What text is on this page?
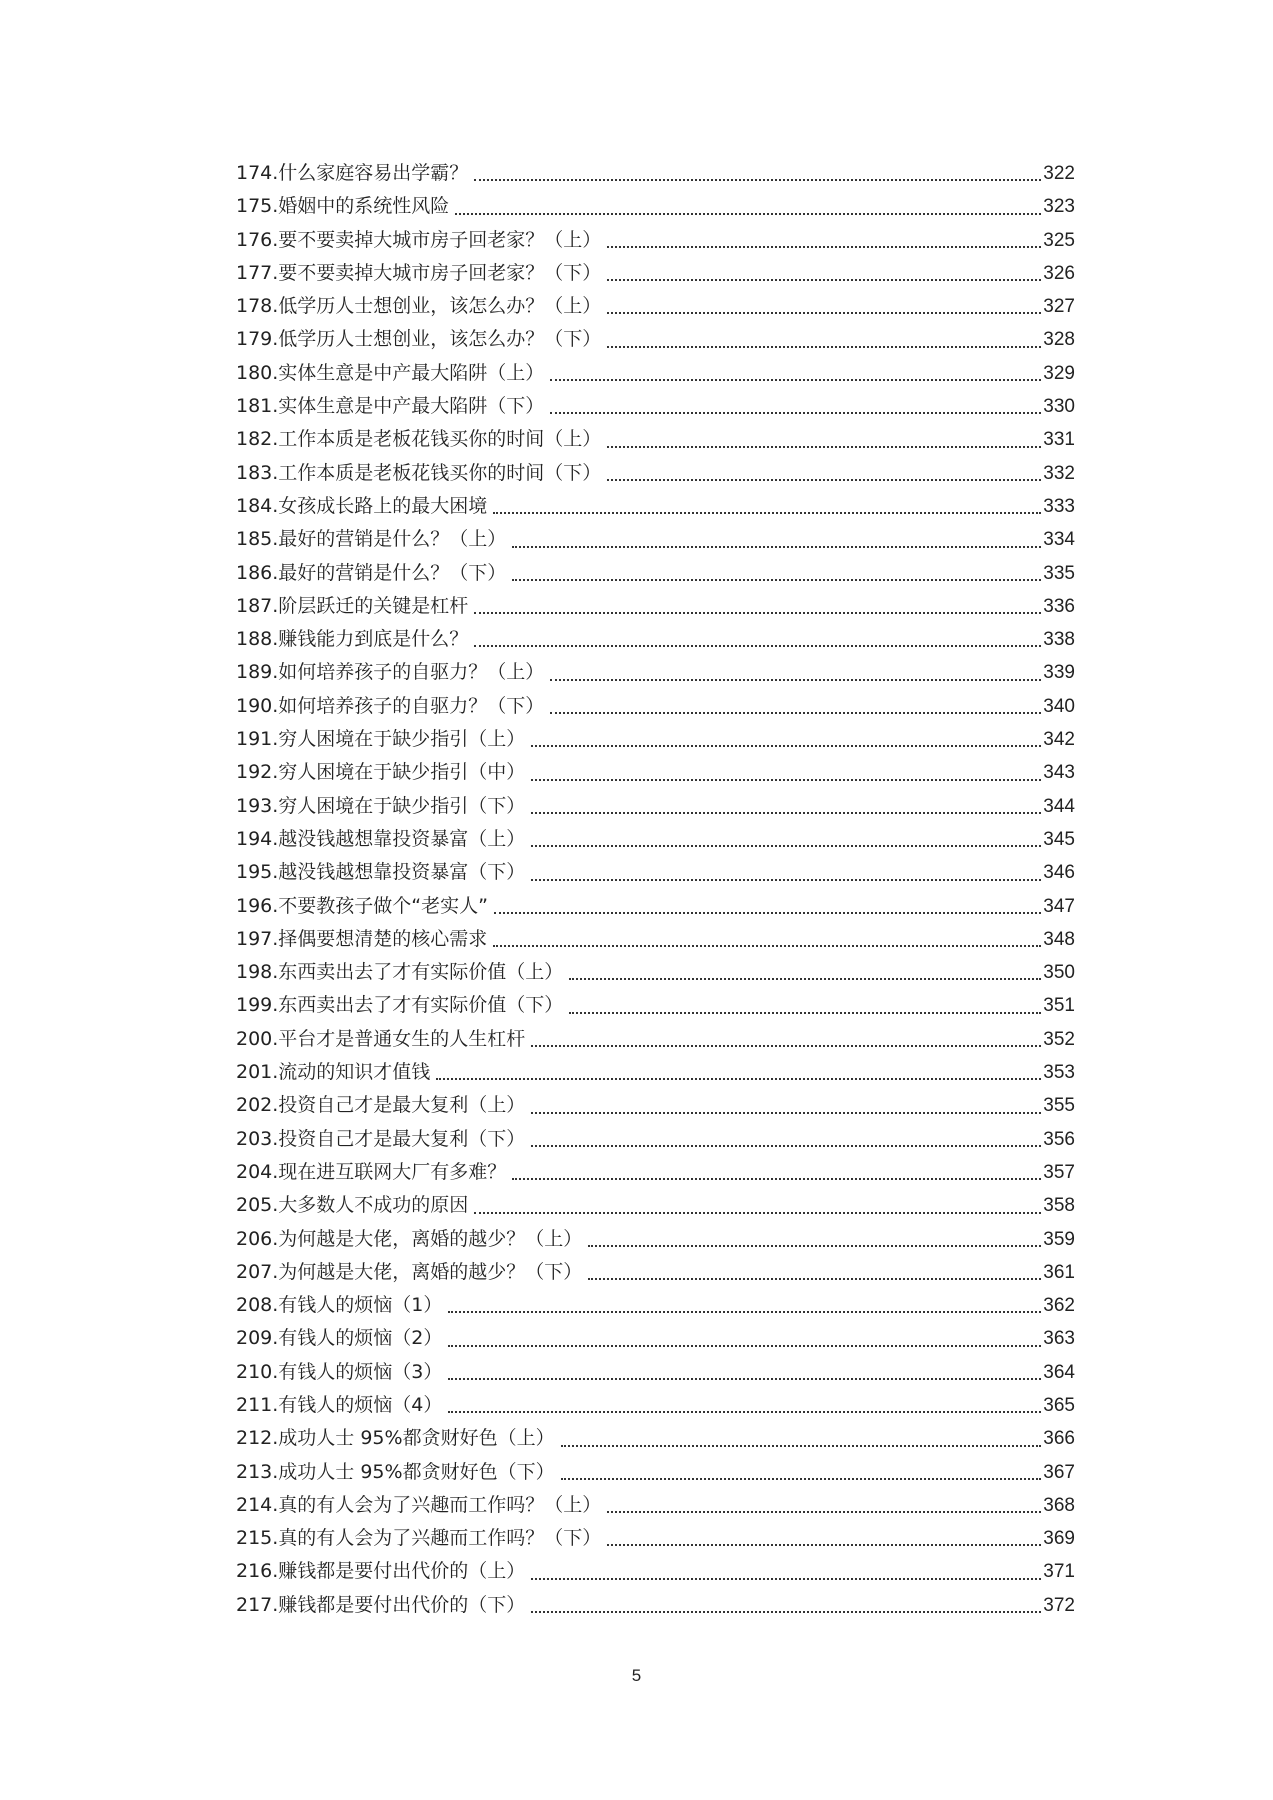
174.什么家庭容易出学霸？	322
175.婚姻中的系统性风险	323
176.要不要卖掉大城市房子回老家？（上）	325
177.要不要卖掉大城市房子回老家？（下）	326
178.低学历人士想创业，该怎么办？（上）	327
179.低学历人士想创业，该怎么办？（下）	328
180.实体生意是中产最大陷阱（上）	329
181.实体生意是中产最大陷阱（下）	330
182.工作本质是老板花钱买你的时间（上）	331
183.工作本质是老板花钱买你的时间（下）	332
184.女孩成长路上的最大困境	333
185.最好的营销是什么？（上）	334
186.最好的营销是什么？（下）	335
187.阶层跃迁的关键是杠杆	336
188.赚钱能力到底是什么？	338
189.如何培养孩子的自驱力？（上）	339
190.如何培养孩子的自驱力？（下）	340
191.穷人困境在于缺少指引（上）	342
192.穷人困境在于缺少指引（中）	343
193.穷人困境在于缺少指引（下）	344
194.越没钱越想靠投资暴富（上）	345
195.越没钱越想靠投资暴富（下）	346
196.不要教孩子做个“老实人”	347
197.择偶要想清楚的核心需求	348
198.东西卖出去了才有实际价值（上）	350
199.东西卖出去了才有实际价值（下）	351
200.平台才是普通女生的人生杠杆	352
201.流动的知识才值钱	353
202.投资自己才是最大复利（上）	355
203.投资自己才是最大复利（下）	356
204.现在进互联网大厂有多难？	357
205.大多数人不成功的原因	358
206.为何越是大佬，离婚的越少？（上）	359
207.为何越是大佬，离婚的越少？（下）	361
208.有钱人的烦恼（1）	362
209.有钱人的烦恼（2）	363
210.有钱人的烦恼（3）	364
211.有钱人的烦恼（4）	365
212.成功人士 95%都贪财好色（上）	366
213.成功人士 95%都贪财好色（下）	367
214.真的有人会为了兴趣而工作吗？（上）	368
215.真的有人会为了兴趣而工作吗？（下）	369
216.赚钱都是要付出代价的（上）	371
217.赚钱都是要付出代价的（下）	372
5
